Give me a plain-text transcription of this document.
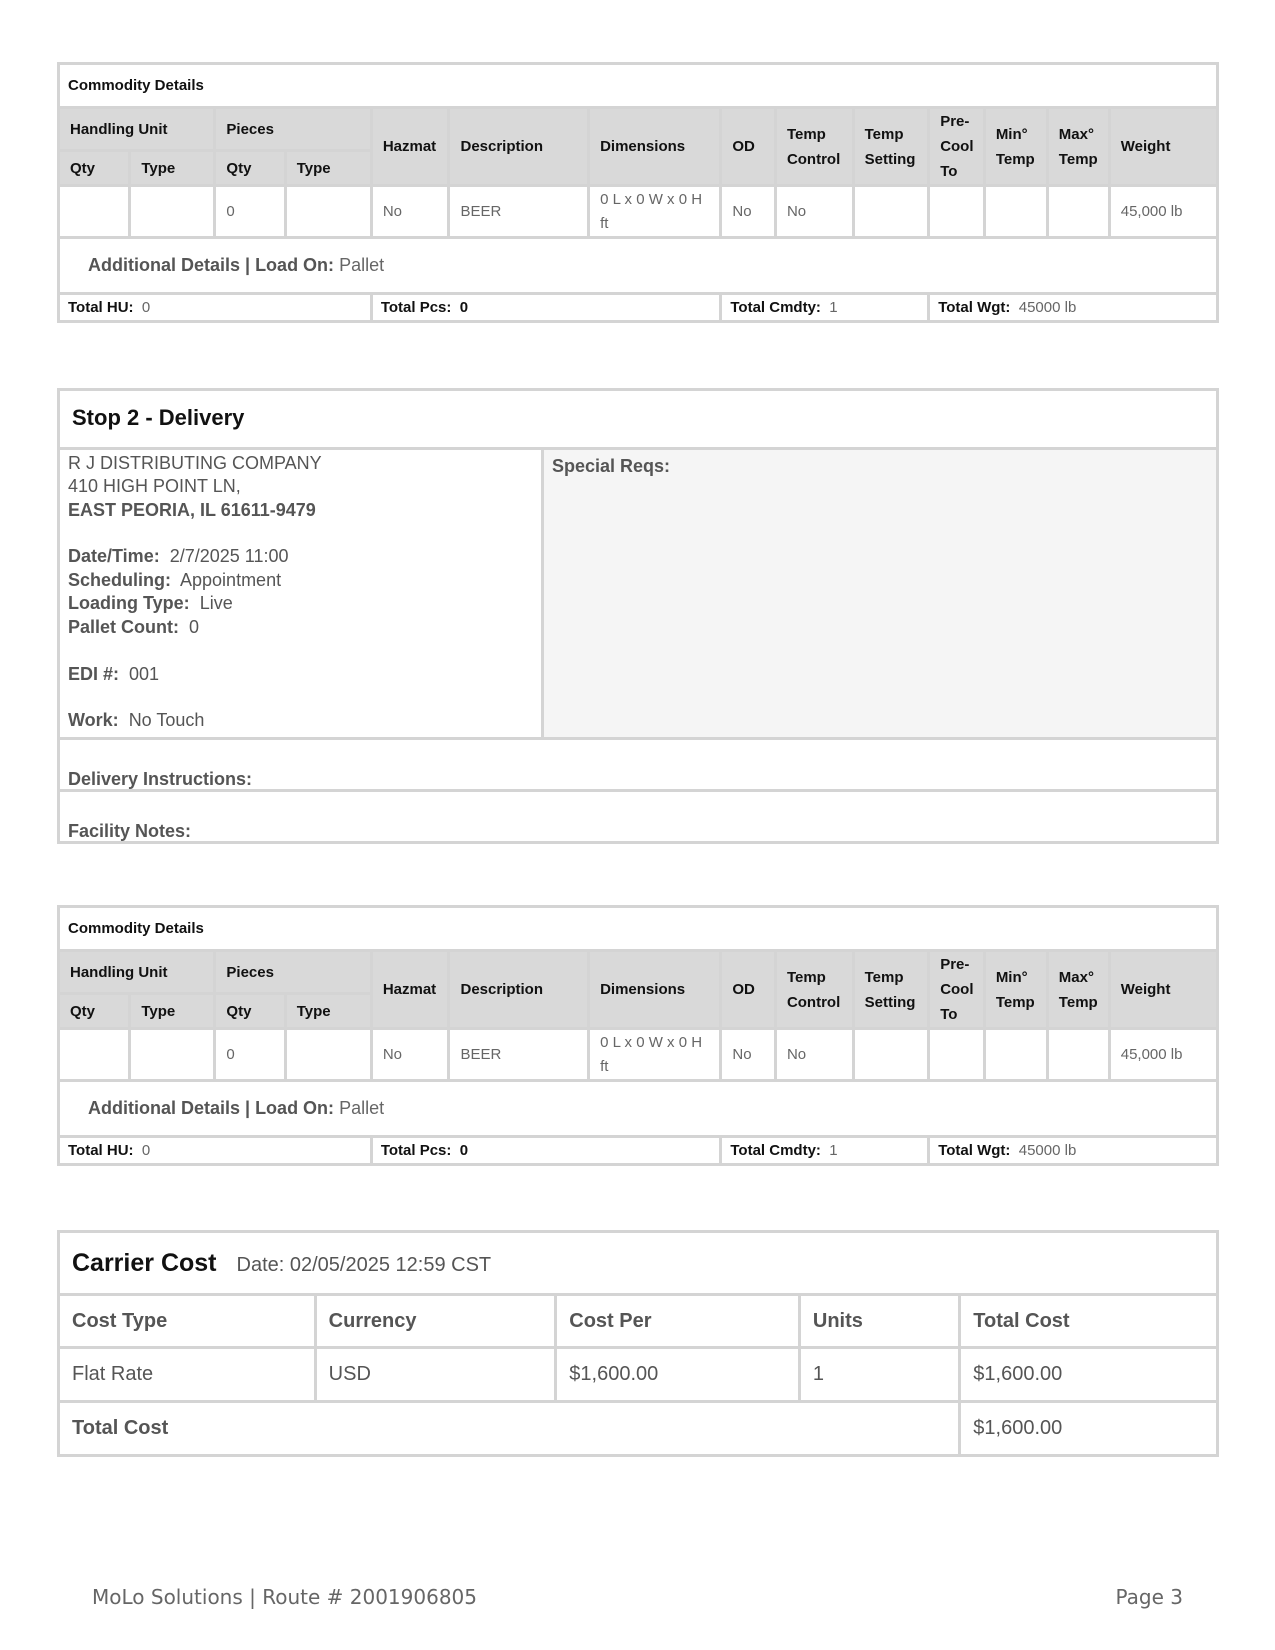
Commodity Details													
Handling Unit		Pieces		Hazmat	Description	Dimensions	OD	Temp Control	Temp Setting	Pre-Cool To	Min° Temp	Max° Temp	Weight
Qty	Type	Qty	Type										
		0		No	BEER	0 L x 0 W x 0 H ft	No	No					45,000 lb
Additional Details | Load On: Pallet													
Total HU: 0				Total Pcs: 0			Total Cmdty: 1			Total Wgt: 45000 lb			
Stop 2 - Delivery
R J DISTRIBUTING COMPANY
410 HIGH POINT LN,
EAST PEORIA, IL 61611-9479
Date/Time: 2/7/2025 11:00
Scheduling: Appointment
Loading Type: Live
Pallet Count: 0
EDI #: 001
Work: No Touch
Special Reqs:
Delivery Instructions:
Facility Notes:
Commodity Details													
Handling Unit		Pieces		Hazmat	Description	Dimensions	OD	Temp Control	Temp Setting	Pre-Cool To	Min° Temp	Max° Temp	Weight
Qty	Type	Qty	Type										
		0		No	BEER	0 L x 0 W x 0 H ft	No	No					45,000 lb
Additional Details | Load On: Pallet													
Total HU: 0				Total Pcs: 0			Total Cmdty: 1			Total Wgt: 45000 lb			
Carrier Cost Date: 02/05/2025 12:59 CST				
Cost Type	Currency	Cost Per	Units	Total Cost
Flat Rate	USD	$1,600.00	1	$1,600.00
Total Cost				$1,600.00
MoLo Solutions | Route # 2001906805	Page 3
